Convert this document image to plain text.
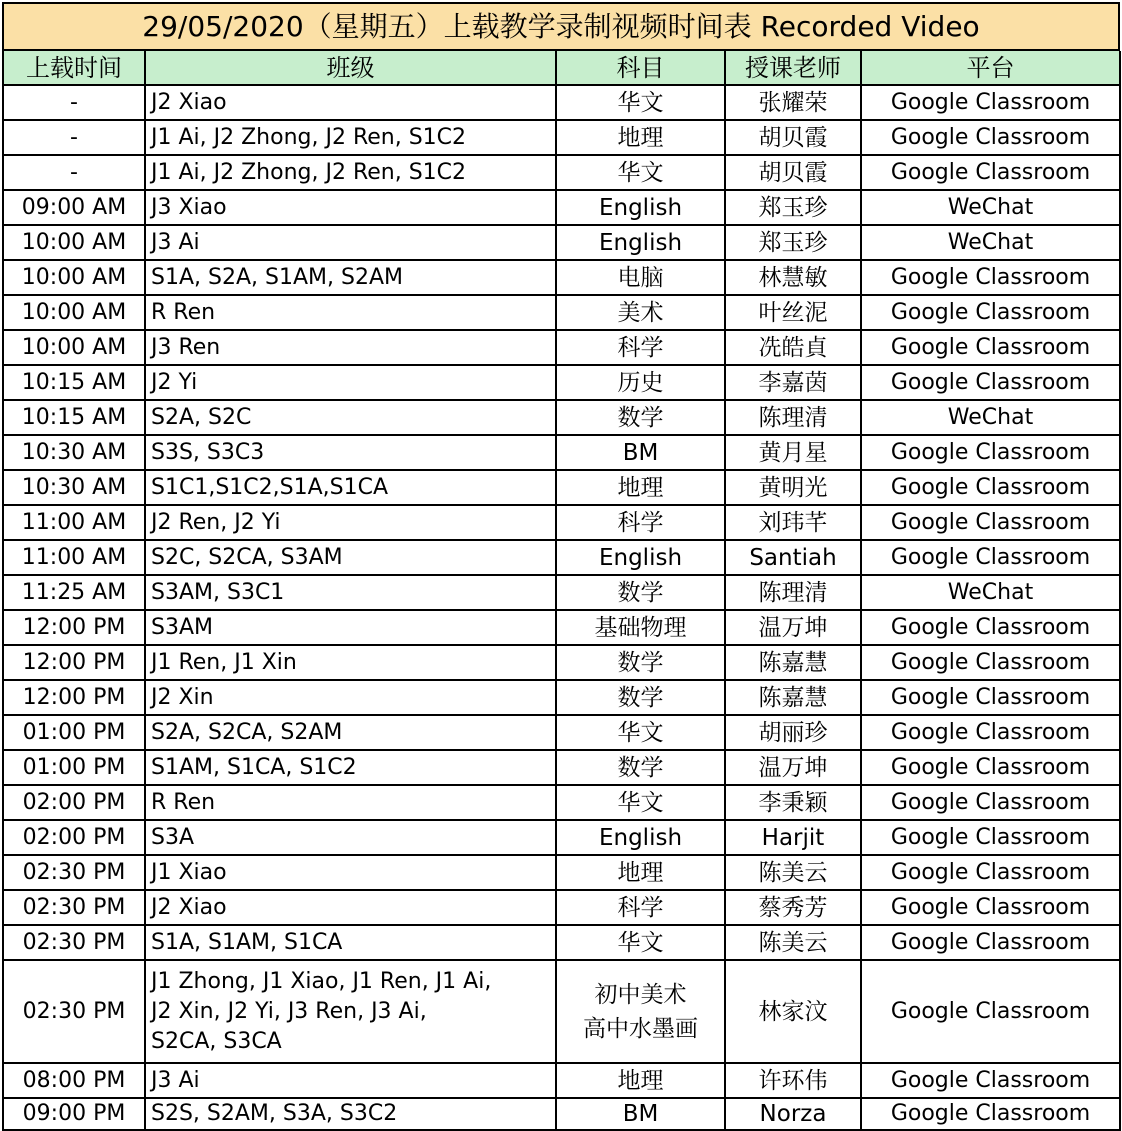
29/05/2020（星期五）上载教学录制视频时间表 Recorded Video
上载时间	班级	科目	授课老师	平台
-	J2 Xiao	华文	张耀荣	Google Classroom
-	J1 Ai, J2 Zhong, J2 Ren, S1C2	地理	胡贝霞	Google Classroom
-	J1 Ai, J2 Zhong, J2 Ren, S1C2	华文	胡贝霞	Google Classroom
09:00 AM	J3 Xiao	English	郑玉珍	WeChat
10:00 AM	J3 Ai	English	郑玉珍	WeChat
10:00 AM	S1A, S2A, S1AM, S2AM	电脑	林慧敏	Google Classroom
10:00 AM	R Ren	美术	叶丝泥	Google Classroom
10:00 AM	J3 Ren	科学	冼皓貞	Google Classroom
10:15 AM	J2 Yi	历史	李嘉茵	Google Classroom
10:15 AM	S2A, S2C	数学	陈理清	WeChat
10:30 AM	S3S, S3C3	BM	黄月星	Google Classroom
10:30 AM	S1C1,S1C2,S1A,S1CA	地理	黄明光	Google Classroom
11:00 AM	J2 Ren, J2 Yi	科学	刘玮芊	Google Classroom
11:00 AM	S2C, S2CA, S3AM	English	Santiah	Google Classroom
11:25 AM	S3AM, S3C1	数学	陈理清	WeChat
12:00 PM	S3AM	基础物理	温万坤	Google Classroom
12:00 PM	J1 Ren, J1 Xin	数学	陈嘉慧	Google Classroom
12:00 PM	J2 Xin	数学	陈嘉慧	Google Classroom
01:00 PM	S2A, S2CA, S2AM	华文	胡丽珍	Google Classroom
01:00 PM	S1AM, S1CA, S1C2	数学	温万坤	Google Classroom
02:00 PM	R Ren	华文	李秉颖	Google Classroom
02:00 PM	S3A	English	Harjit	Google Classroom
02:30 PM	J1 Xiao	地理	陈美云	Google Classroom
02:30 PM	J2 Xiao	科学	蔡秀芳	Google Classroom
02:30 PM	S1A, S1AM, S1CA	华文	陈美云	Google Classroom
02:30 PM	J1 Zhong, J1 Xiao, J1 Ren, J1 Ai,
J2 Xin, J2 Yi, J3 Ren, J3 Ai,
S2CA, S3CA	初中美术
高中水墨画	林家汶	Google Classroom
08:00 PM	J3 Ai	地理	许环伟	Google Classroom
09:00 PM	S2S, S2AM, S3A, S3C2	BM	Norza	Google Classroom
